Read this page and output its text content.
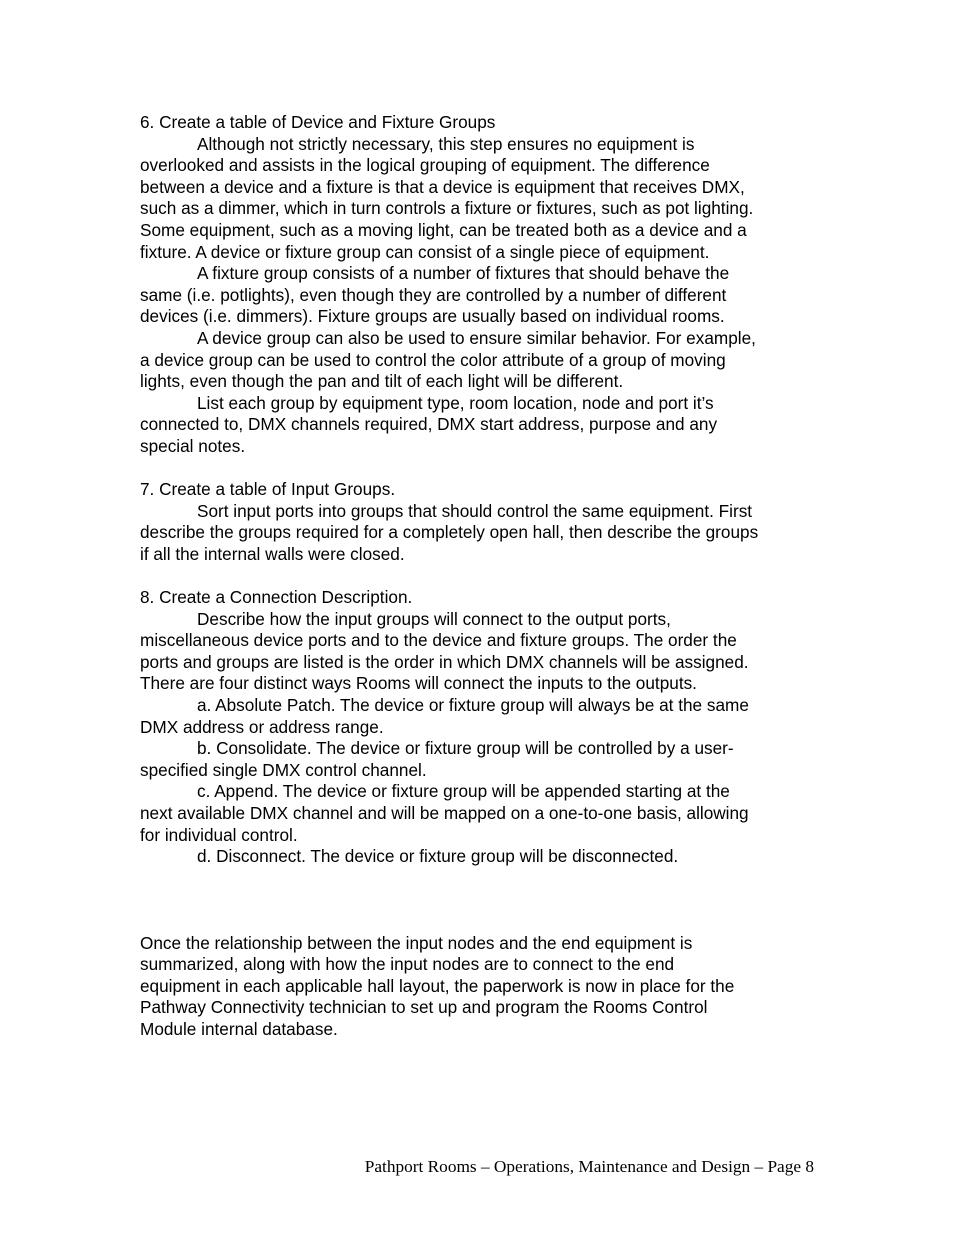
6. Create a table of Device and Fixture Groups
Although not strictly necessary, this step ensures no equipment is
overlooked and assists in the logical grouping of equipment. The difference
between a device and a fixture is that a device is equipment that receives DMX,
such as a dimmer, which in turn controls a fixture or fixtures, such as pot lighting.
Some equipment, such as a moving light, can be treated both as a device and a
fixture. A device or fixture group can consist of a single piece of equipment.
A fixture group consists of a number of fixtures that should behave the
same (i.e. potlights), even though they are controlled by a number of different
devices (i.e. dimmers). Fixture groups are usually based on individual rooms.
A device group can also be used to ensure similar behavior. For example,
a device group can be used to control the color attribute of a group of moving
lights, even though the pan and tilt of each light will be different.
List each group by equipment type, room location, node and port it’s
connected to, DMX channels required, DMX start address, purpose and any
special notes.
7. Create a table of Input Groups.
Sort input ports into groups that should control the same equipment. First
describe the groups required for a completely open hall, then describe the groups
if all the internal walls were closed.
8. Create a Connection Description.
Describe how the input groups will connect to the output ports,
miscellaneous device ports and to the device and fixture groups. The order the
ports and groups are listed is the order in which DMX channels will be assigned.
There are four distinct ways Rooms will connect the inputs to the outputs.
a. Absolute Patch. The device or fixture group will always be at the same
DMX address or address range.
b. Consolidate. The device or fixture group will be controlled by a user-
specified single DMX control channel.
c. Append. The device or fixture group will be appended starting at the
next available DMX channel and will be mapped on a one-to-one basis, allowing
for individual control.
d. Disconnect. The device or fixture group will be disconnected.
Once the relationship between the input nodes and the end equipment is
summarized, along with how the input nodes are to connect to the end
equipment in each applicable hall layout, the paperwork is now in place for the
Pathway Connectivity technician to set up and program the Rooms Control
Module internal database.
Pathport Rooms – Operations, Maintenance and Design – Page 8
